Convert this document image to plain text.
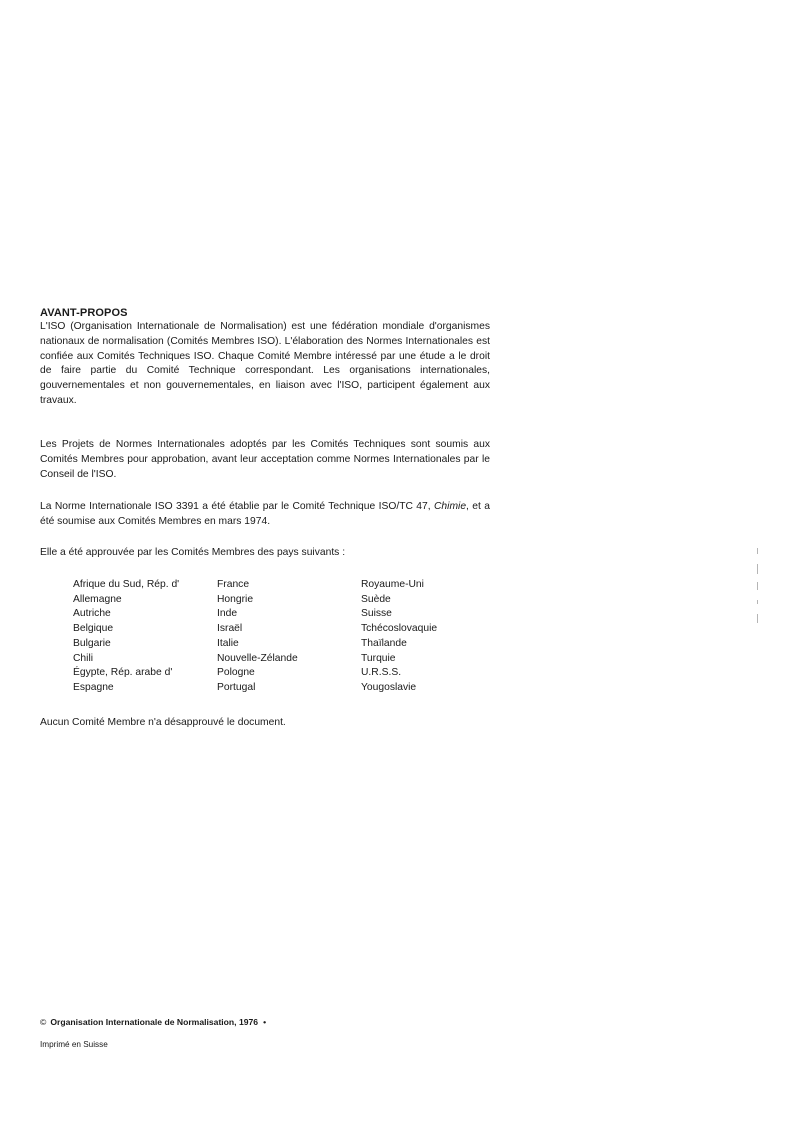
AVANT-PROPOS
L'ISO (Organisation Internationale de Normalisation) est une fédération mondiale d'organismes nationaux de normalisation (Comités Membres ISO). L'élaboration des Normes Internationales est confiée aux Comités Techniques ISO. Chaque Comité Membre intéressé par une étude a le droit de faire partie du Comité Technique correspondant. Les organisations internationales, gouvernementales et non gouvernementales, en liaison avec l'ISO, participent également aux travaux.
Les Projets de Normes Internationales adoptés par les Comités Techniques sont soumis aux Comités Membres pour approbation, avant leur acceptation comme Normes Internationales par le Conseil de l'ISO.
La Norme Internationale ISO 3391 a été établie par le Comité Technique ISO/TC 47, Chimie, et a été soumise aux Comités Membres en mars 1974.
Elle a été approuvée par les Comités Membres des pays suivants :
Afrique du Sud, Rép. d'
Allemagne
Autriche
Belgique
Bulgarie
Chili
Égypte, Rép. arabe d'
Espagne
France
Hongrie
Inde
Israël
Italie
Nouvelle-Zélande
Pologne
Portugal
Royaume-Uni
Suède
Suisse
Tchécoslovaquie
Thaïlande
Turquie
U.R.S.S.
Yougoslavie
Aucun Comité Membre n'a désapprouvé le document.
© Organisation Internationale de Normalisation, 1976 •
Imprimé en Suisse
